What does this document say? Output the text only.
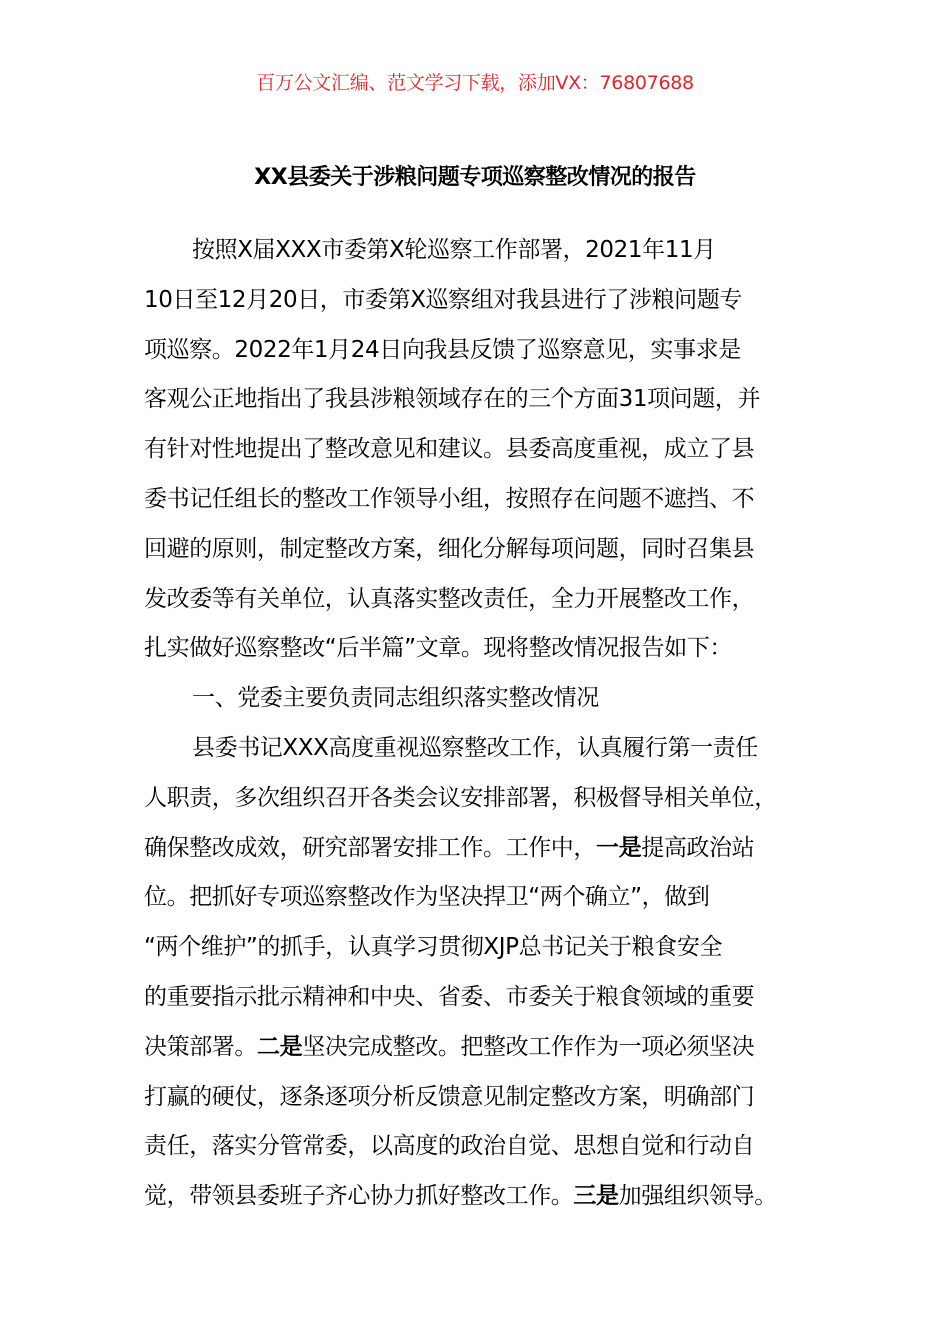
百万公文汇编、范文学习下载，添加VX：76807688
XX县委关于涉粮问题专项巡察整改情况的报告
按照X届XXX市委第X轮巡察工作部署，2021年11月
10日至12月20日，市委第X巡察组对我县进行了涉粮问题专
项巡察。2022年1月24日向我县反馈了巡察意见，实事求是
客观公正地指出了我县涉粮领域存在的三个方面31项问题，并
有针对性地提出了整改意见和建议。县委高度重视，成立了县
委书记任组长的整改工作领导小组，按照存在问题不遮挡、不
回避的原则，制定整改方案，细化分解每项问题，同时召集县
发改委等有关单位，认真落实整改责任，全力开展整改工作，
扎实做好巡察整改“后半篇”文章。现将整改情况报告如下：
一、党委主要负责同志组织落实整改情况
县委书记XXX高度重视巡察整改工作，认真履行第一责任
人职责，多次组织召开各类会议安排部署，积极督导相关单位，
确保整改成效，研究部署安排工作。工作中，一是提高政治站
位。把抓好专项巡察整改作为坚决捍卫“两个确立”，做到
“两个维护”的抓手，认真学习贯彻XJP总书记关于粮食安全
的重要指示批示精神和中央、省委、市委关于粮食领域的重要
决策部署。二是坚决完成整改。把整改工作作为一项必须坚决
打赢的硬仗，逐条逐项分析反馈意见制定整改方案，明确部门
责任，落实分管常委，以高度的政治自觉、思想自觉和行动自
觉，带领县委班子齐心协力抓好整改工作。三是加强组织领导。
